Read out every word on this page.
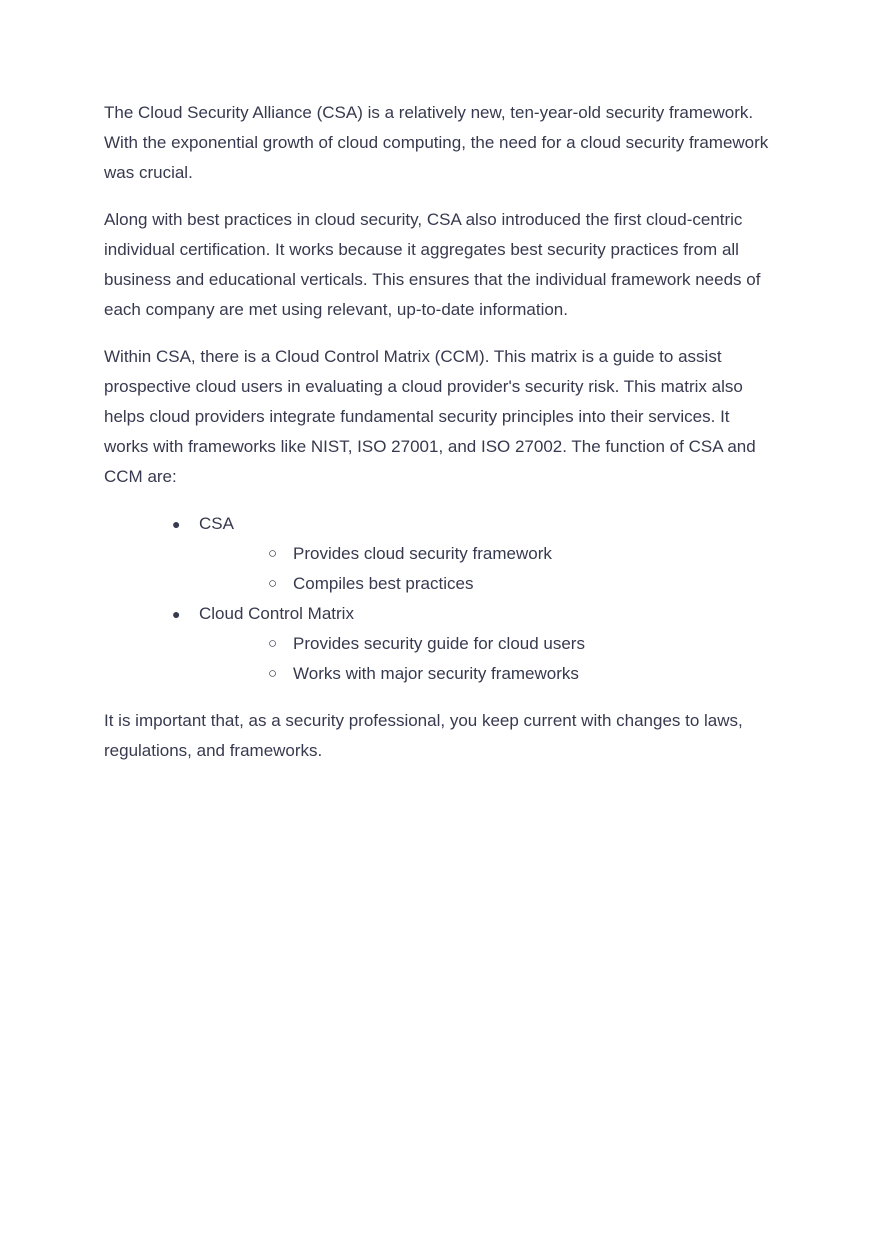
The Cloud Security Alliance (CSA) is a relatively new, ten-year-old security framework. With the exponential growth of cloud computing, the need for a cloud security framework was crucial.

Along with best practices in cloud security, CSA also introduced the first cloud-centric individual certification. It works because it aggregates best security practices from all business and educational verticals. This ensures that the individual framework needs of each company are met using relevant, up-to-date information.

Within CSA, there is a Cloud Control Matrix (CCM). This matrix is a guide to assist prospective cloud users in evaluating a cloud provider's security risk. This matrix also helps cloud providers integrate fundamental security principles into their services. It works with frameworks like NIST, ISO 27001, and ISO 27002. The function of CSA and CCM are:

● CSA
○ Provides cloud security framework
○ Compiles best practices
● Cloud Control Matrix
○ Provides security guide for cloud users
○ Works with major security frameworks

It is important that, as a security professional, you keep current with changes to laws, regulations, and frameworks.
